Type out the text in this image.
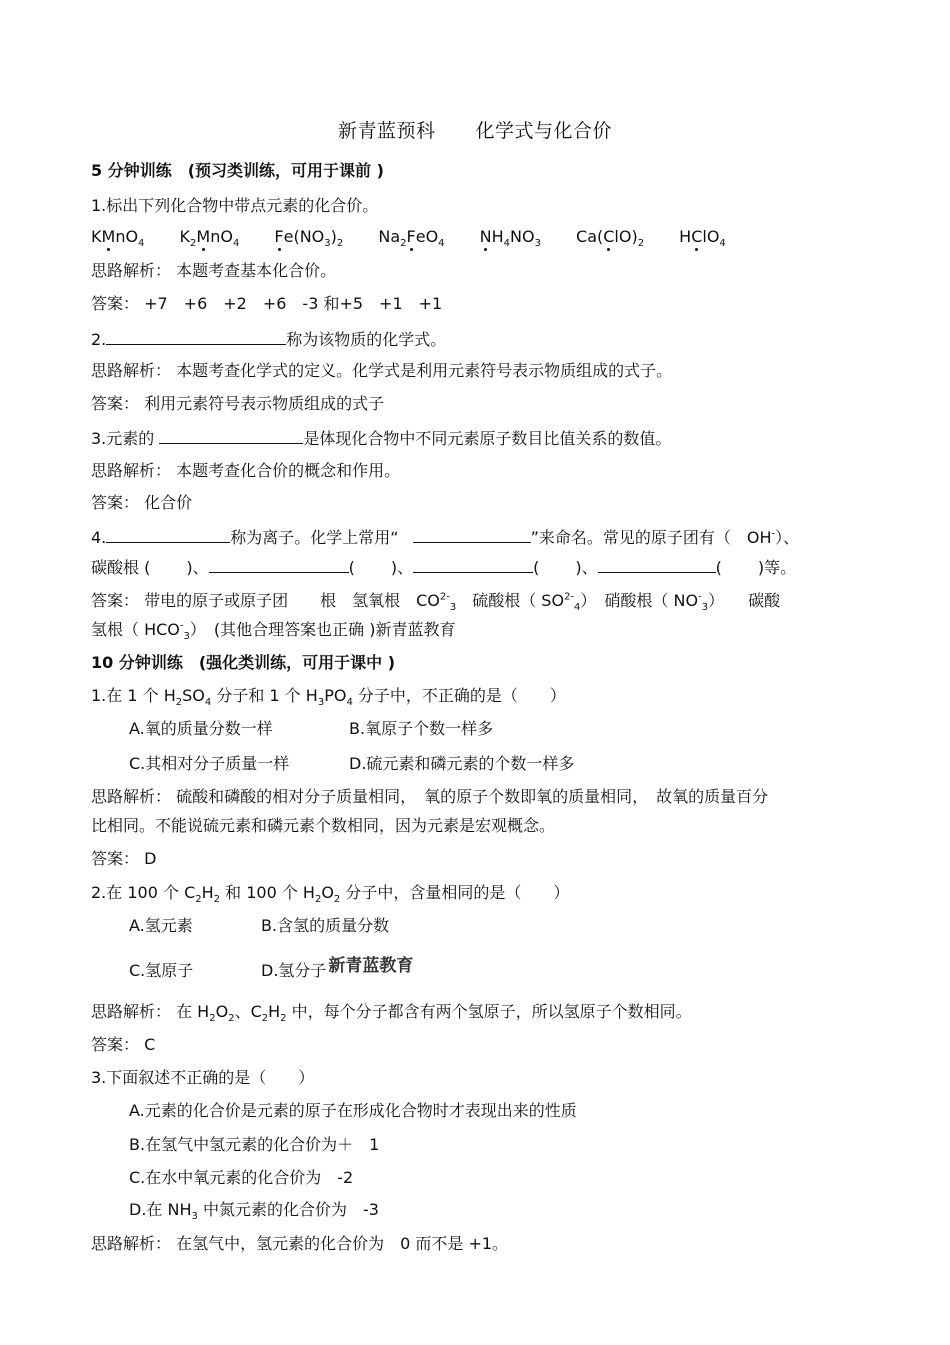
新青蓝预科 化学式与化合价
5 分钟训练　 (预习类训练，可用于课前 )
1.标出下列化合物中带点元素的化合价。
KMnO$_4$ $K_2MnO_4$ $Fe(NO_3)_2$ $Na_2FeO_4$ $NH_4NO_3$ $Ca(ClO)_2$ HClO$_4$
思路解析： 本题考查基本化合价。
答案： +7　+6　+2　+6　-3 和+5　+1　+1
2.	称为该物质的化学式。
思路解析： 本题考查化学式的定义。化学式是利用元素符号表示物质组成的式子。
答案： 利用元素符号表示物质组成的式子
3.元素的	是体现化合物中不同元素原子数目比值关系的数值。
思路解析： 本题考查化合价的概念和作用。
答案： 化合价
4.	称为离子。化学上常用“	”来命名。常见的原子团有（　OH-）、
碳酸根 ( )、	( )、	( )、	( )等。
答案： 带电的原子或原子团　　根　氢氧根　$CO^{2-}_3$　硫酸根（ $SO^{2-}_4$）　硝酸根（ $NO^-_3$）　　碳酸
氢根（ $HCO^-_3$）　(其他合理答案也正确 )新青蓝教育
10 分钟训练　 (强化类训练，可用于课中 )
1.在 1 个 $H_2SO_4$ 分子和 1 个 $H_3PO_4$ 分子中，不正确的是（　　）
A.氧的质量分数一样	B.氧原子个数一样多
C.其相对分子质量一样	D.硫元素和磷元素的个数一样多
思路解析： 硫酸和磷酸的相对分子质量相同，　氧的原子个数即氧的质量相同，　故氧的质量百分
比相同。不能说硫元素和磷元素个数相同，因为元素是宏观概念。
答案： D
2.在 100 个 $C_2H_2$ 和 100 个 $H_2O_2$ 分子中，含量相同的是（　　）
A.氢元素	B.含氢的质量分数
C.氢原子	D.氢分子 新青蓝教育
思路解析： 在 $H_2O_2$、$C_2H_2$ 中，每个分子都含有两个氢原子，所以氢原子个数相同。
答案： C
3.下面叙述不正确的是（　　）
A.元素的化合价是元素的原子在形成化合物时才表现出来的性质
B.在氢气中氢元素的化合价为＋　1
C.在水中氧元素的化合价为　-2
D.在 $NH_3$ 中氮元素的化合价为　-3
思路解析： 在氢气中，氢元素的化合价为　0 而不是 +1。
